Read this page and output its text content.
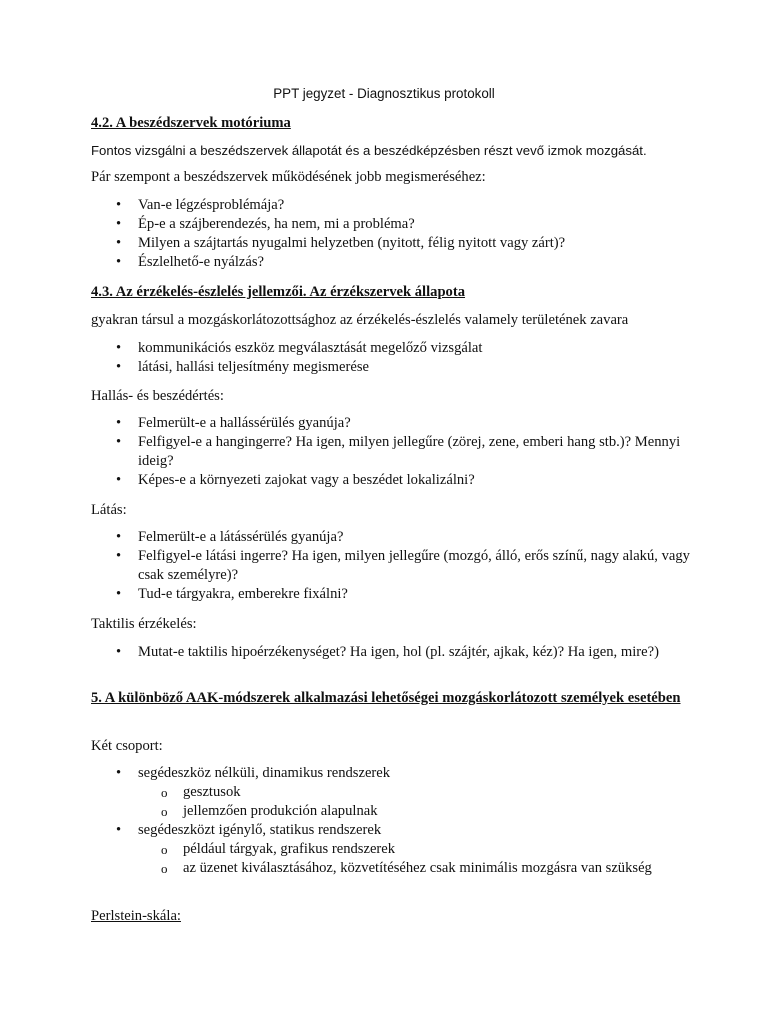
PPT jegyzet - Diagnosztikus protokoll
4.2. A beszédszervek motóriuma
Fontos vizsgálni a beszédszervek állapotát és a beszédképzésben részt vevő izmok mozgását.
Pár szempont a beszédszervek működésének jobb megismeréséhez:
• Van-e légzésproblémája?
• Ép-e a szájberendezés, ha nem, mi a probléma?
• Milyen a szájtartás nyugalmi helyzetben (nyitott, félig nyitott vagy zárt)?
• Észlelhető-e nyálzás?
4.3. Az érzékelés-észlelés jellemzői. Az érzékszervek állapota
gyakran társul a mozgáskorlátozottsághoz az érzékelés-észlelés valamely területének zavara
• kommunikációs eszköz megválasztását megelőző vizsgálat
• látási, hallási teljesítmény megismerése
Hallás- és beszédértés:
• Felmerült-e a hallássérülés gyanúja?
• Felfigyel-e a hangingerre? Ha igen, milyen jellegűre (zörej, zene, emberi hang stb.)? Mennyi ideig?
• Képes-e a környezeti zajokat vagy a beszédet lokalizálni?
Látás:
• Felmerült-e a látássérülés gyanúja?
• Felfigyel-e látási ingerre? Ha igen, milyen jellegűre (mozgó, álló, erős színű, nagy alakú, vagy csak személyre)?
• Tud-e tárgyakra, emberekre fixálni?
Taktilis érzékelés:
• Mutat-e taktilis hipoérzékenységet? Ha igen, hol (pl. szájtér, ajkak, kéz)? Ha igen, mire?)
5. A különböző AAK-módszerek alkalmazási lehetőségei mozgáskorlátozott személyek esetében
Két csoport:
• segédeszköz nélküli, dinamikus rendszerek
o gesztusok
o jellemzően produkción alapulnak
• segédeszközt igénylő, statikus rendszerek
o például tárgyak, grafikus rendszerek
o az üzenet kiválasztásához, közvetítéséhez csak minimális mozgásra van szükség
Perlstein-skála:
